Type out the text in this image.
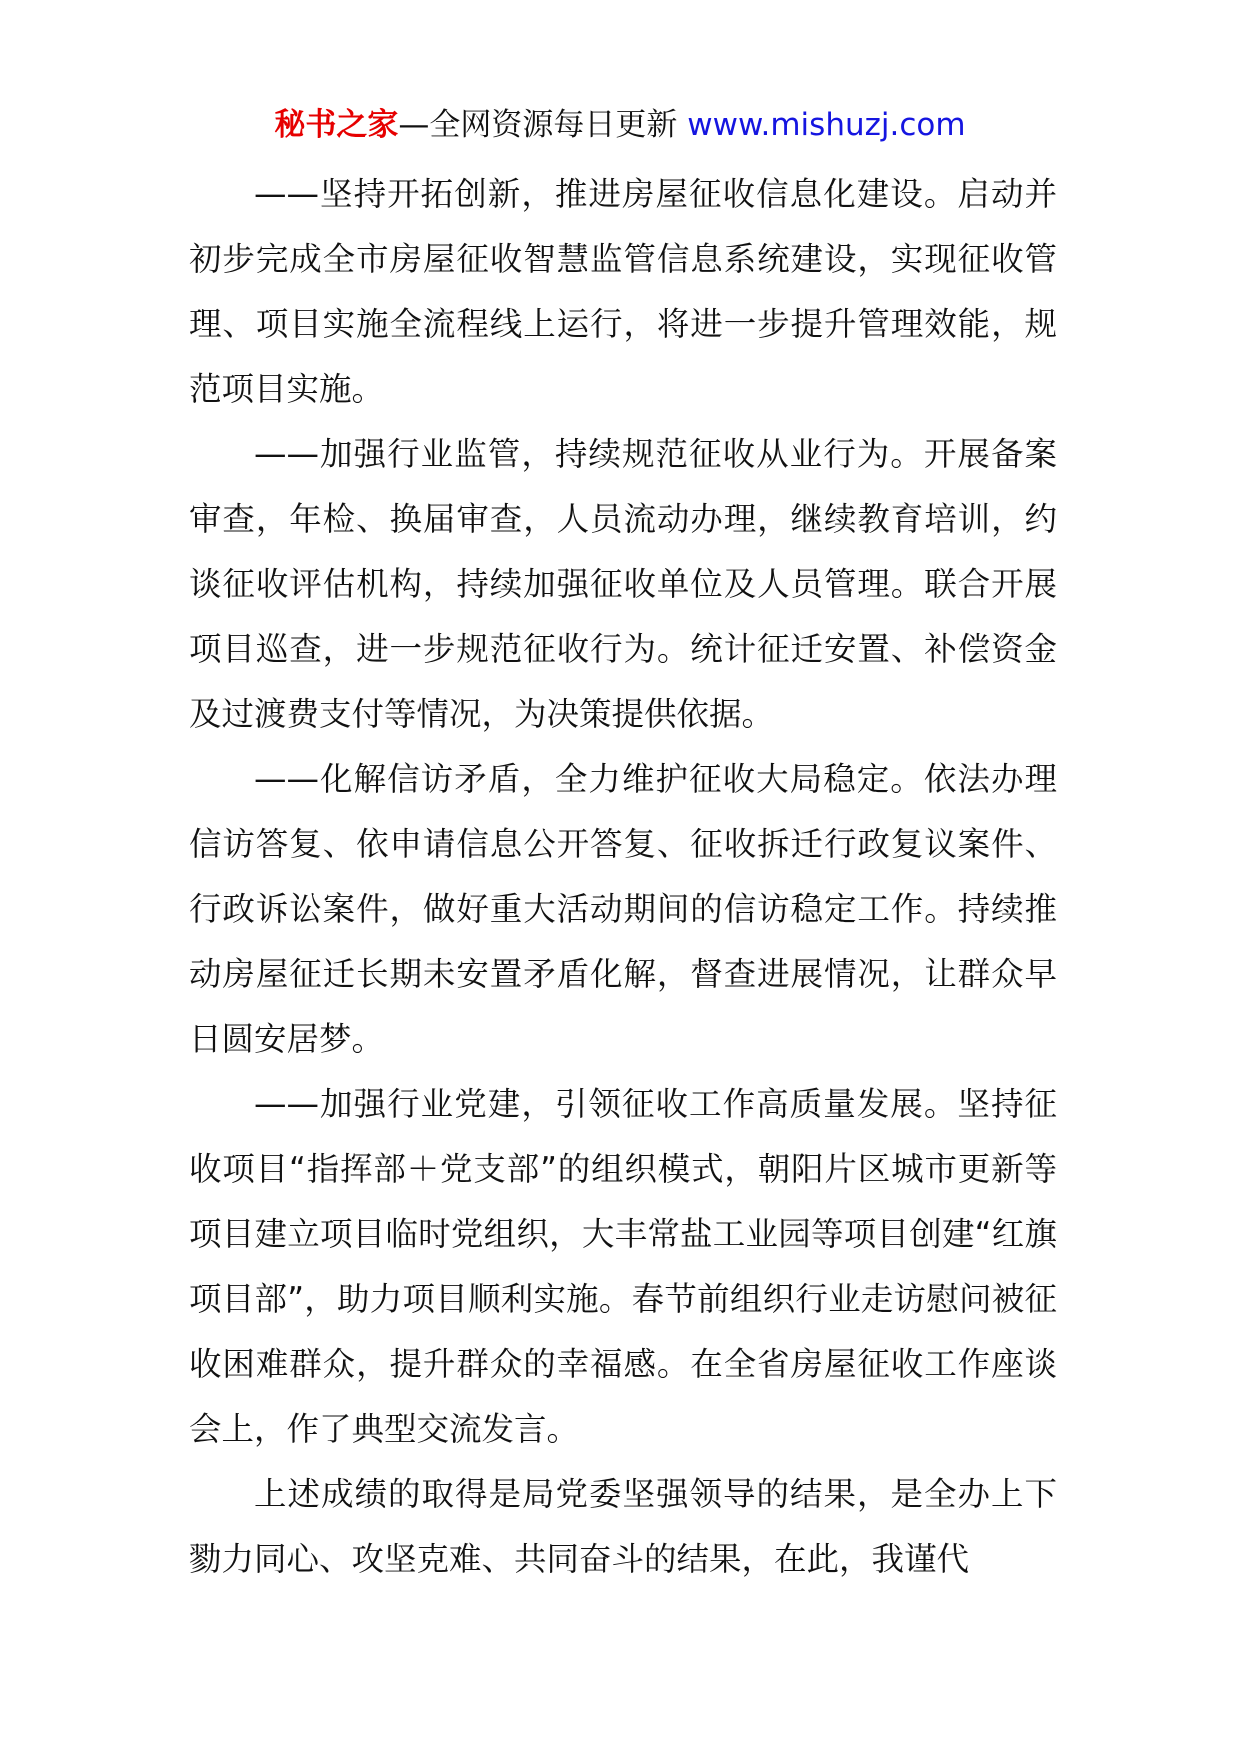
秘书之家—全网资源每日更新 www.mishuzj.com

——坚持开拓创新，推进房屋征收信息化建设。启动并初步完成全市房屋征收智慧监管信息系统建设，实现征收管理、项目实施全流程线上运行，将进一步提升管理效能，规范项目实施。

——加强行业监管，持续规范征收从业行为。开展备案审查，年检、换届审查，人员流动办理，继续教育培训，约谈征收评估机构，持续加强征收单位及人员管理。联合开展项目巡查，进一步规范征收行为。统计征迁安置、补偿资金及过渡费支付等情况，为决策提供依据。

——化解信访矛盾，全力维护征收大局稳定。依法办理信访答复、依申请信息公开答复、征收拆迁行政复议案件、行政诉讼案件，做好重大活动期间的信访稳定工作。持续推动房屋征迁长期未安置矛盾化解，督查进展情况，让群众早日圆安居梦。

——加强行业党建，引领征收工作高质量发展。坚持征收项目“指挥部＋党支部”的组织模式，朝阳片区城市更新等项目建立项目临时党组织，大丰常盐工业园等项目创建“红旗项目部”，助力项目顺利实施。春节前组织行业走访慰问被征收困难群众，提升群众的幸福感。在全省房屋征收工作座谈会上，作了典型交流发言。

上述成绩的取得是局党委坚强领导的结果，是全办上下勠力同心、攻坚克难、共同奋斗的结果，在此，我谨代
